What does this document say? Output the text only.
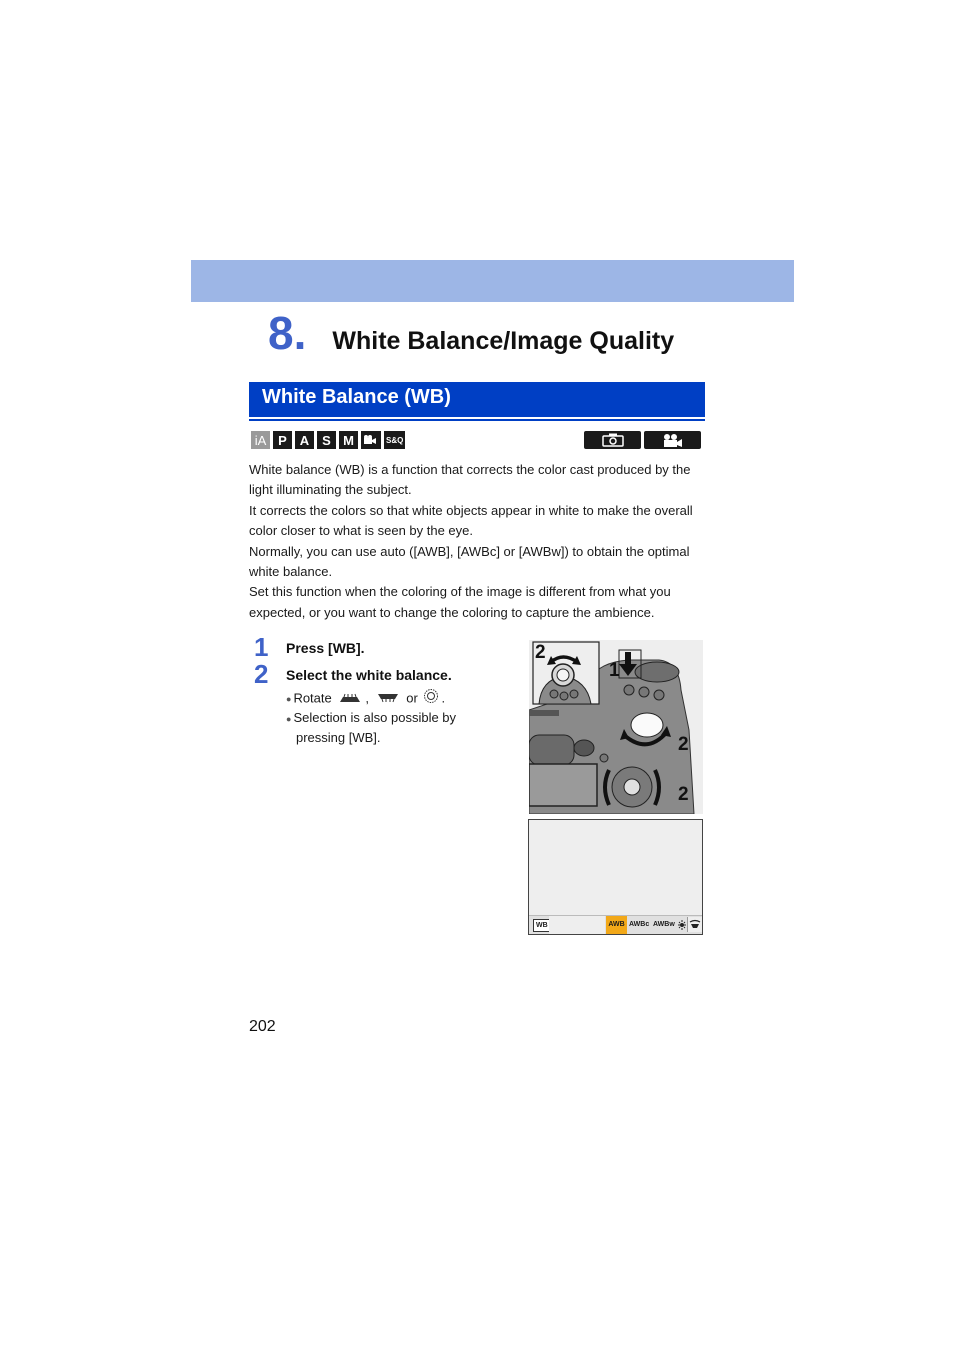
8. White Balance/Image Quality
White Balance (WB)
iA P A S M	S&Q

White balance (WB) is a function that corrects the color cast produced by the light illuminating the subject.

It corrects the colors so that white objects appear in white to make the overall color closer to what is seen by the eye.

Normally, you can use auto ([AWB], [AWBc] or [AWBw]) to obtain the optimal white balance.

Set this function when the coloring of the image is different from what you expected, or you want to change the coloring to capture the ambience.

1 Press [WB].
2 Select the white balance.
● Rotate	,	or .
● Selection is also possible by
pressing [WB].
2
1
2
2
WB	AWB AWBc AWBw
202
